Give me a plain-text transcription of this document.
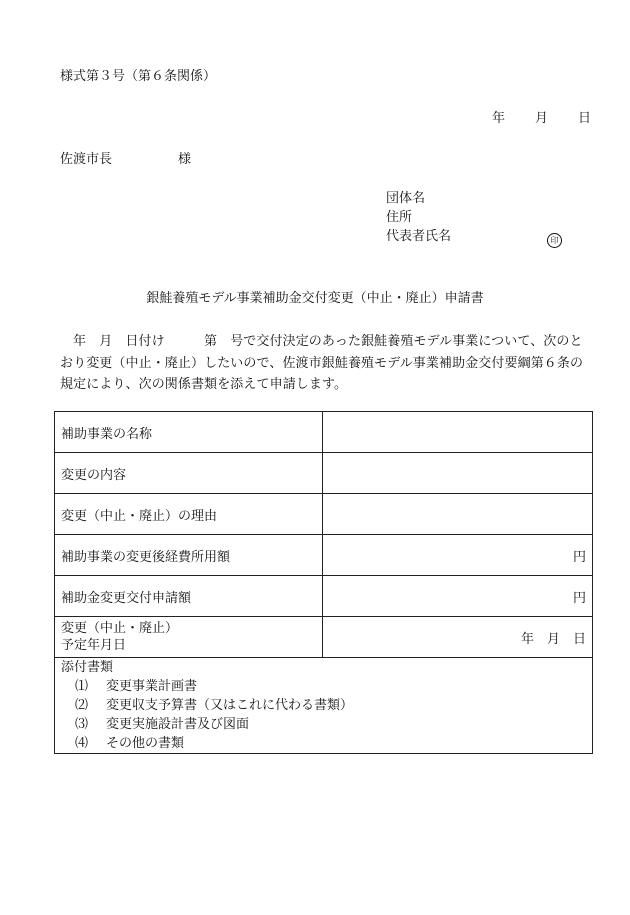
様式第３号（第６条関係）
年 月 日
佐渡市長	様
団体名
住所
代表者氏名	印
銀鮭養殖モデル事業補助金交付変更（中止・廃止）申請書
年　月　日付け　　　第　号で交付決定のあった銀鮭養殖モデル事業について、次のとおり変更（中止・廃止）したいので、佐渡市銀鮭養殖モデル事業補助金交付要綱第６条の規定により、次の関係書類を添えて申請します。
補助事業の名称	
変更の内容	
変更（中止・廃止）の理由	
補助事業の変更後経費所用額	円
補助金変更交付申請額	円

変更（中止・廃止）
予定年月日	年　月　日

添付書類
⑴ 変更事業計画書
⑵ 変更収支予算書（又はこれに代わる書類）
⑶ 変更実施設計書及び図面
⑷ その他の書類	
